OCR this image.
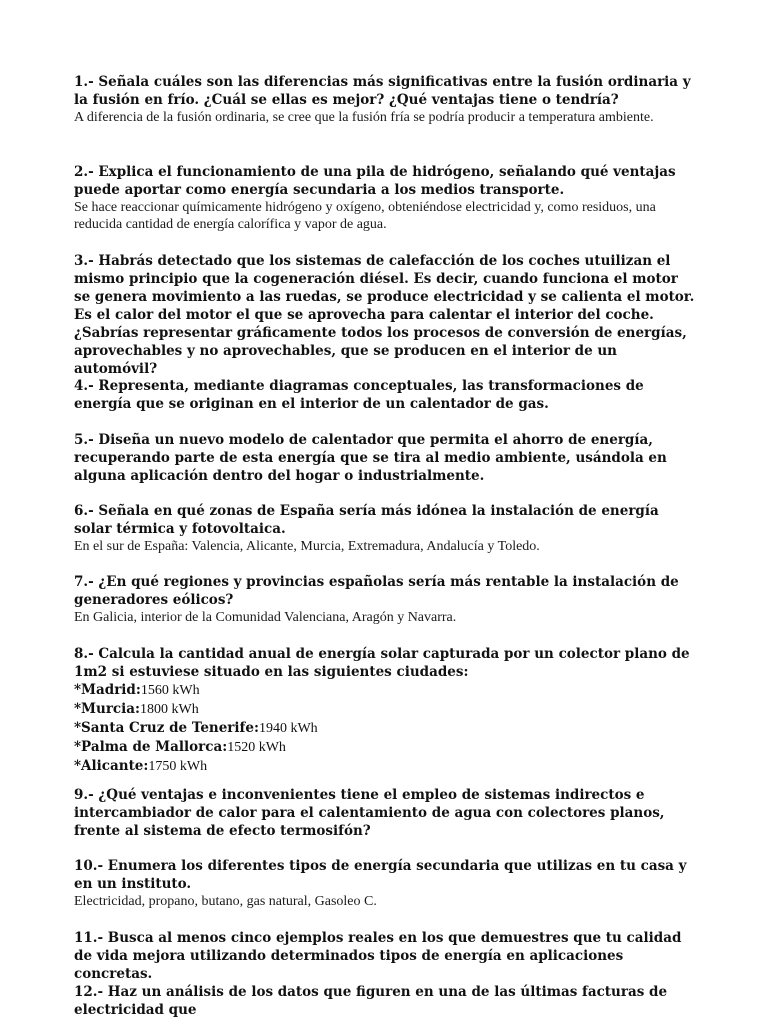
1.- Señala cuáles son las diferencias más significativas entre la fusión ordinaria y la fusión en frío. ¿Cuál se ellas es mejor? ¿Qué ventajas tiene o tendría?

A diferencia de la fusión ordinaria, se cree que la fusión fría se podría producir a temperatura ambiente.

2.- Explica el funcionamiento de una pila de hidrógeno, señalando qué ventajas puede aportar como energía secundaria a los medios transporte.

Se hace reaccionar químicamente hidrógeno y oxígeno, obteniéndose electricidad y, como residuos, una reducida cantidad de energía calorífica y vapor de agua.

3.- Habrás detectado que los sistemas de calefacción de los coches utuilizan el mismo principio que la cogeneración diésel. Es decir, cuando funciona el motor se genera movimiento a las ruedas, se produce electricidad y se calienta el motor. Es el calor del motor el que se aprovecha para calentar el interior del coche. ¿Sabrías representar gráficamente todos los procesos de conversión de energías, aprovechables y no aprovechables, que se producen en el interior de un automóvil?

4.- Representa, mediante diagramas conceptuales, las transformaciones de energía que se originan en el interior de un calentador de gas.

5.- Diseña un nuevo modelo de calentador que permita el ahorro de energía, recuperando parte de esta energía que se tira al medio ambiente, usándola en alguna aplicación dentro del hogar o industrialmente.

6.- Señala en qué zonas de España sería más idónea la instalación de energía solar térmica y fotovoltaica.

En el sur de España: Valencia, Alicante, Murcia, Extremadura, Andalucía y Toledo.

7.- ¿En qué regiones y provincias españolas sería más rentable la instalación de generadores eólicos?

En Galicia, interior de la Comunidad Valenciana, Aragón y Navarra.

8.- Calcula la cantidad anual de energía solar capturada por un colector plano de 1m2 si estuviese situado en las siguientes ciudades:

*Madrid:1560 kWh
*Murcia:1800 kWh
*Santa Cruz de Tenerife:1940 kWh
*Palma de Mallorca:1520 kWh
*Alicante:1750 kWh

9.- ¿Qué ventajas e inconvenientes tiene el empleo de sistemas indirectos e intercambiador de calor para el calentamiento de agua con colectores planos, frente al sistema de efecto termosifón?

10.- Enumera los diferentes tipos de energía secundaria que utilizas en tu casa y en un instituto.

Electricidad, propano, butano, gas natural, Gasoleo C.

11.- Busca al menos cinco ejemplos reales en los que demuestres que tu calidad de vida mejora utilizando determinados tipos de energía en aplicaciones concretas.

12.- Haz un análisis de los datos que figuren en una de las últimas facturas de electricidad que
